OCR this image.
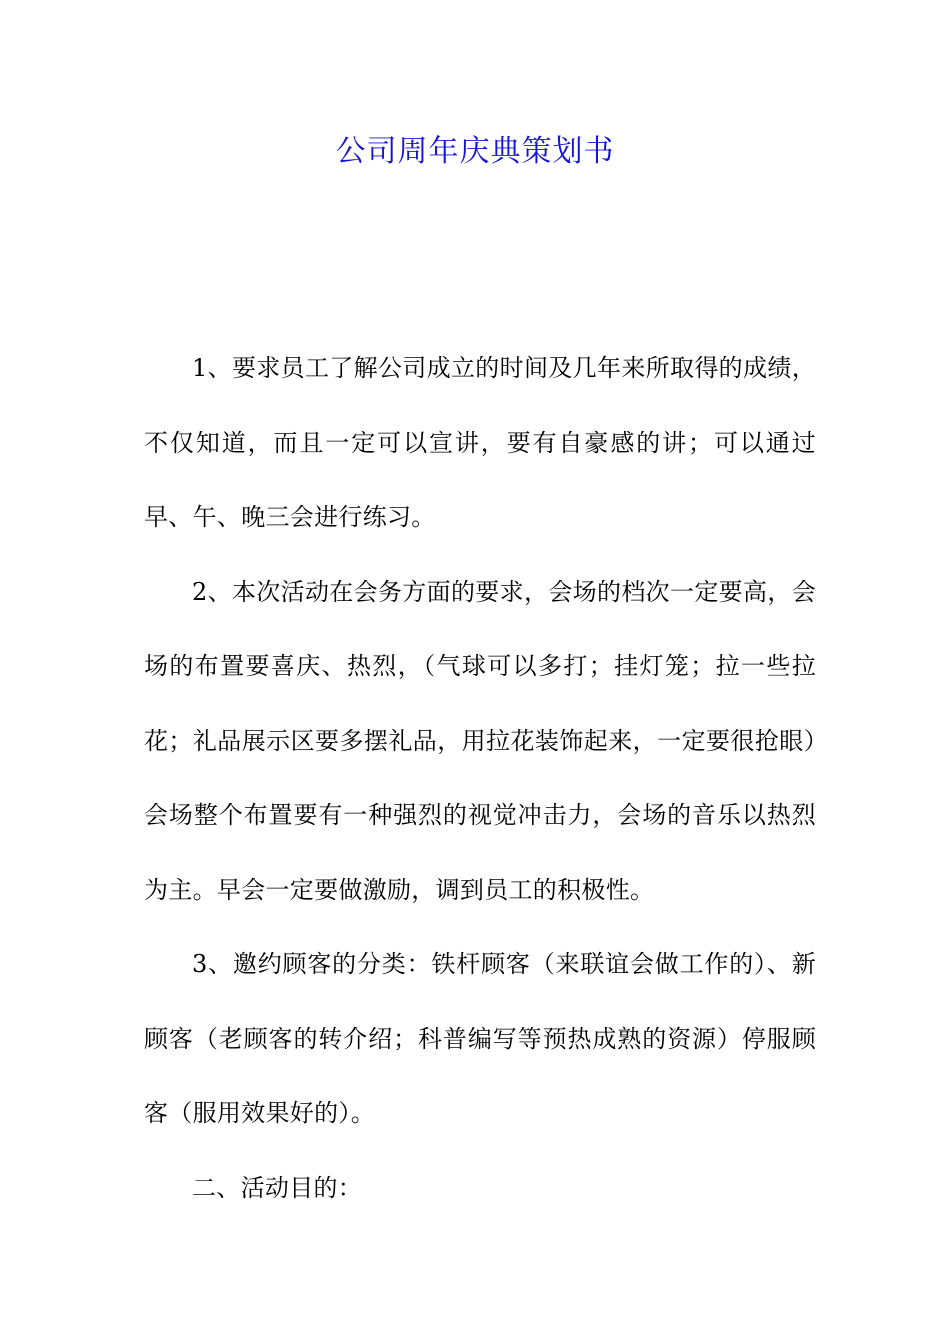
公司周年庆典策划书

1、要求员工了解公司成立的时间及几年来所取得的成绩，不仅知道，而且一定可以宣讲，要有自豪感的讲；可以通过早、午、晚三会进行练习。

2、本次活动在会务方面的要求，会场的档次一定要高，会场的布置要喜庆、热烈，（气球可以多打；挂灯笼；拉一些拉花；礼品展示区要多摆礼品，用拉花装饰起来，一定要很抢眼）会场整个布置要有一种强烈的视觉冲击力，会场的音乐以热烈为主。早会一定要做激励，调到员工的积极性。

3、邀约顾客的分类：铁杆顾客（来联谊会做工作的）、新顾客（老顾客的转介绍；科普编写等预热成熟的资源）停服顾客（服用效果好的）。

二、活动目的：
